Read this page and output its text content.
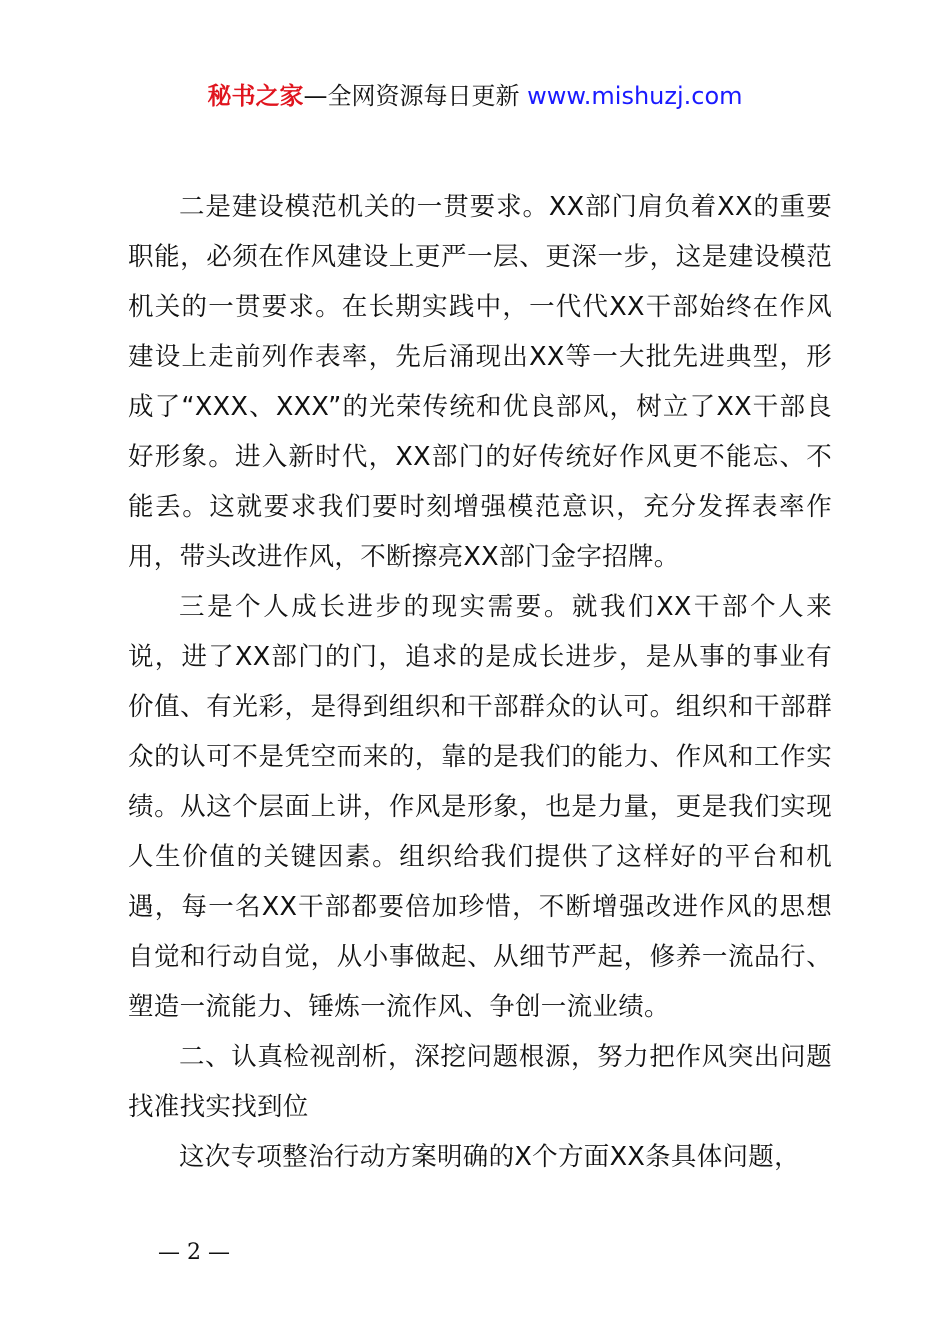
秘书之家—全网资源每日更新 www.mishuzj.com

二是建设模范机关的一贯要求。XX部门肩负着XX的重要职能，必须在作风建设上更严一层、更深一步，这是建设模范机关的一贯要求。在长期实践中，一代代XX干部始终在作风建设上走前列作表率，先后涌现出XX等一大批先进典型，形成了“XXX、XXX”的光荣传统和优良部风，树立了XX干部良好形象。进入新时代，XX部门的好传统好作风更不能忘、不能丢。这就要求我们要时刻增强模范意识，充分发挥表率作用，带头改进作风，不断擦亮XX部门金字招牌。

三是个人成长进步的现实需要。就我们XX干部个人来说，进了XX部门的门，追求的是成长进步，是从事的事业有价值、有光彩，是得到组织和干部群众的认可。组织和干部群众的认可不是凭空而来的，靠的是我们的能力、作风和工作实绩。从这个层面上讲，作风是形象，也是力量，更是我们实现人生价值的关键因素。组织给我们提供了这样好的平台和机遇，每一名XX干部都要倍加珍惜，不断增强改进作风的思想自觉和行动自觉，从小事做起、从细节严起，修养一流品行、塑造一流能力、锤炼一流作风、争创一流业绩。

二、认真检视剖析，深挖问题根源，努力把作风突出问题找准找实找到位

这次专项整治行动方案明确的X个方面XX条具体问题，

— 2 —
